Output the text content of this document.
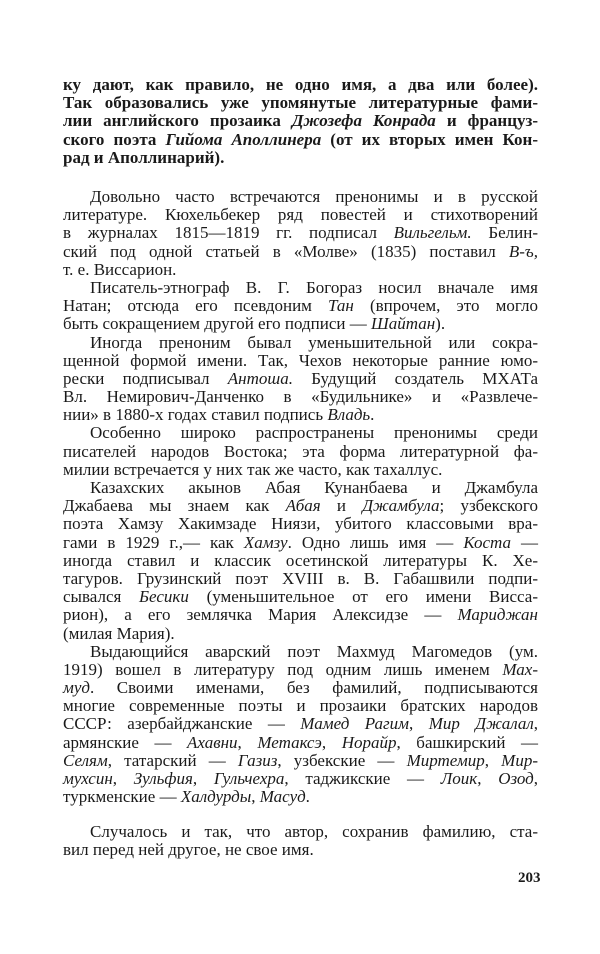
ку дают, как правило, не одно имя, а два или более).
Так образовались уже упомянутые литературные фами-
лии английского прозаика Джозефа Конрада и француз-
ского поэта Гийома Аполлинера (от их вторых имен Кон-
рад и Аполлинарий).
Довольно часто встречаются пренонимы и в русской
литературе. Кюхельбекер ряд повестей и стихотворений
в журналах 1815—1819 гг. подписал Вильгельм. Белин-
ский под одной статьей в «Молве» (1835) поставил В-ъ,
т. е. Виссарион.
Писатель-этнограф В. Г. Богораз носил вначале имя
Натан; отсюда его псевдоним Тан (впрочем, это могло
быть сокращением другой его подписи — Шайтан).
Иногда преноним бывал уменьшительной или сокра-
щенной формой имени. Так, Чехов некоторые ранние юмо-
рески подписывал Антоша. Будущий создатель МХАТа
Вл. Немирович-Данченко в «Будильнике» и «Развлече-
нии» в 1880-х годах ставил подпись Владь.
Особенно широко распространены пренонимы среди
писателей народов Востока; эта форма литературной фа-
милии встречается у них так же часто, как тахаллус.
Казахских акынов Абая Кунанбаева и Джамбула
Джабаева мы знаем как Абая и Джамбула; узбекского
поэта Хамзу Хакимзаде Ниязи, убитого классовыми вра-
гами в 1929 г.,— как Хамзу. Одно лишь имя — Коста —
иногда ставил и классик осетинской литературы К. Хе-
тагуров. Грузинский поэт XVIII в. В. Габашвили подпи-
сывался Бесики (уменьшительное от его имени Висса-
рион), а его землячка Мария Алексидзе — Мариджан
(милая Мария).
Выдающийся аварский поэт Махмуд Магомедов (ум.
1919) вошел в литературу под одним лишь именем Мах-
муд. Своими именами, без фамилий, подписываются
многие современные поэты и прозаики братских народов
СССР: азербайджанские — Мамед Рагим, Мир Джалал,
армянские — Ахавни, Метаксэ, Норайр, башкирский —
Селям, татарский — Газиз, узбекские — Миртемир, Мир-
мухсин, Зульфия, Гульчехра, таджикские — Лоик, Озод,
туркменские — Халдурды, Масуд.
Случалось и так, что автор, сохранив фамилию, ста-
вил перед ней другое, не свое имя.
203
